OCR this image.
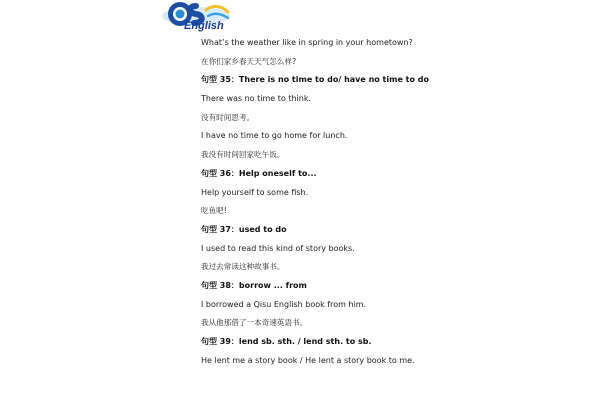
English
What’s the weather like in spring in your hometown?
在你们家乡春天天气怎么样?
句型 35：There is no time to do/ have no time to do
There was no time to think.
没有时间思考。
I have no time to go home for lunch.
我没有时间回家吃午饭。
句型 36：Help oneself to...
Help yourself to some fish.
吃鱼吧!
句型 37：used to do
I used to read this kind of story books.
我过去常读这种故事书。
句型 38：borrow ... from
I borrowed a Qisu English book from him.
我从他那借了一本奇速英语书。
句型 39：lend sb. sth. / lend sth. to sb.
He lent me a story book / He lent a story book to me.
